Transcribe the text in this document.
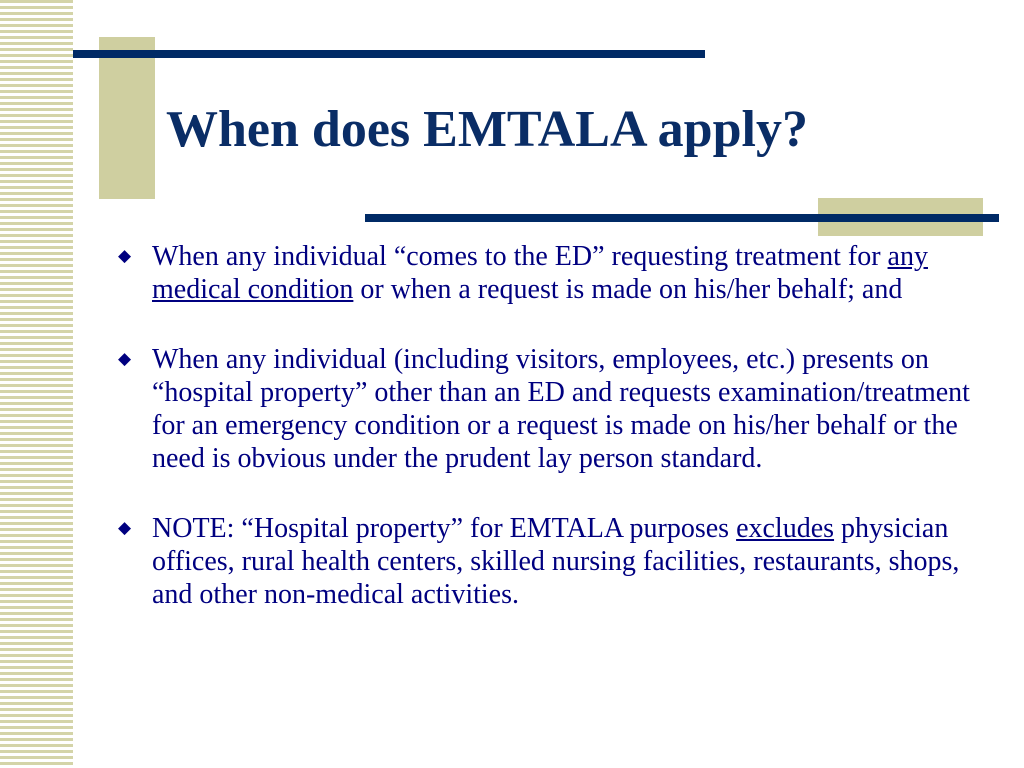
When does EMTALA apply?
◆ When any individual “comes to the ED” requesting treatment for any medical condition or when a request is made on his/her behalf; and
◆ When any individual (including visitors, employees, etc.) presents on “hospital property” other than an ED and requests examination/treatment for an emergency condition or a request is made on his/her behalf or the need is obvious under the prudent lay person standard.
◆ NOTE: “Hospital property” for EMTALA purposes excludes physician offices, rural health centers, skilled nursing facilities, restaurants, shops, and other non-medical activities.
